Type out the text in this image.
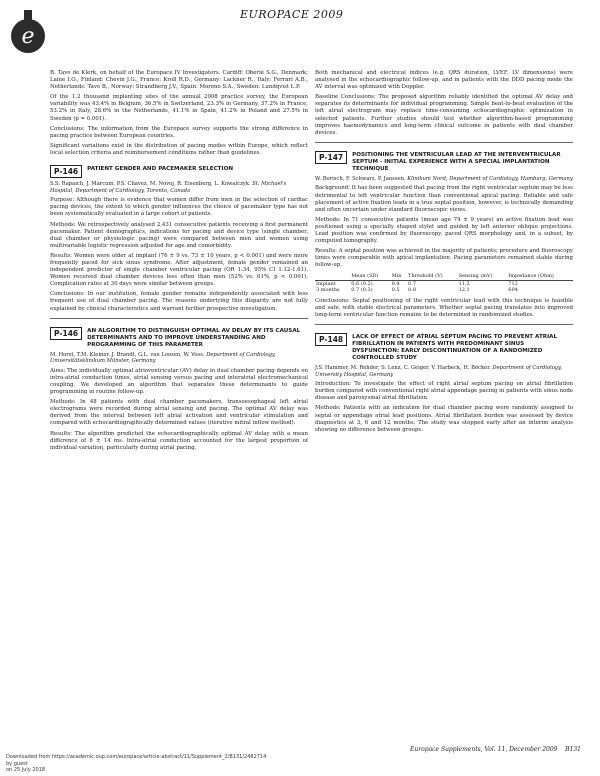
e
EUROPACE 2009

B. Tavo de Klerk, on behalf of the Europace IV Investigators. Cardiff: Oberlé S.G., Denmark: Laine I.O., Finland: Chevin J.G., France: Kroll R.D., Germany: Lackner R., Italy: Ferrari A.B., Netherlands: Tavo B., Norway: Strandberg J.V., Spain: Moreno S.A., Sweden: Lundqvist L.P.

Of the 1.2 thousand implanting sites of the annual 2008 practice survey, the European variability was 43.4% in Belgium, 36.5% in Switzerland, 23.3% in Germany, 37.2% in France, 53.2% in Italy, 28.6% in the Netherlands, 41.1% in Spain, 41.2% in Poland and 27.5% in Sweden (p = 0.001).

Conclusions: The information from the Europace survey supports the strong difference in pacing practice between European countries.

Significant variations exist in the distribution of pacing modes within Europe, which reflect local selection criteria and reimbursement conditions rather than guidelines.

P-146	PATIENT GENDER AND PACEMAKER SELECTION
S.S. Rapaich, J. Marcum, P.S. Chavez, M. Novoj, R. Eisenberg, L. Kowalczyk. St. Michael's Hospital, Department of Cardiology, Toronto, Canada

Purpose: Although there is evidence that women differ from men in the selection of cardiac pacing devices, the extent to which gender influences the choice of pacemaker type has not been systematically evaluated in a large cohort of patients.

Methods: We retrospectively analysed 2,431 consecutive patients receiving a first permanent pacemaker. Patient demographics, indications for pacing and device type (single chamber, dual chamber or physiologic pacing) were compared between men and women using multivariable logistic regression adjusted for age and comorbidity.

Results: Women were older at implant (76 ± 9 vs. 73 ± 10 years, p < 0.001) and were more frequently paced for sick sinus syndrome. After adjustment, female gender remained an independent predictor of single chamber ventricular pacing (OR 1.34, 95% CI 1.12-1.61). Women received dual chamber devices less often than men (52% vs. 61%, p < 0.001). Complication rates at 30 days were similar between groups.

Conclusions: In our institution, female gender remains independently associated with less frequent use of dual chamber pacing. The reasons underlying this disparity are not fully explained by clinical characteristics and warrant further prospective investigation.

P-146	AN ALGORITHM TO DISTINGUISH OPTIMAL AV DELAY BY ITS CAUSAL DETERMINANTS AND TO IMPROVE UNDERSTANDING AND PROGRAMMING OF THIS PARAMETER
M. Horst, T.M. Kleiner, J. Brandt, G.L. van Loosen, W. Voss. Department of Cardiology, Universitätsklinikum Münster, Germany

Aims: The individually optimal atrioventricular (AV) delay in dual chamber pacing depends on intra-atrial conduction times, atrial sensing versus pacing and interatrial electromechanical coupling. We developed an algorithm that separates these determinants to guide programming in routine follow-up.

Methods: In 48 patients with dual chamber pacemakers, transoesophageal left atrial electrograms were recorded during atrial sensing and pacing. The optimal AV delay was derived from the interval between left atrial activation and ventricular stimulation and compared with echocardiographically determined values (iterative mitral inflow method).

Results: The algorithm predicted the echocardiographically optimal AV delay with a mean difference of 8 ± 14 ms. Intra-atrial conduction accounted for the largest proportion of individual variation, particularly during atrial pacing.

Both mechanical and electrical indices (e.g. QRS duration, LVEF, LV dimensions) were analysed in the echocardiographic follow-up, and in patients with the DDD pacing mode the AV interval was optimized with Doppler.

Baseline Conclusions: The proposed algorithm reliably identified the optimal AV delay and separates its determinants for individual programming. Simple beat-to-beat evaluation of the left atrial electrogram may replace time-consuming echocardiographic optimization in selected patients. Further studies should test whether algorithm-based programming improves haemodynamics and long-term clinical outcome in patients with dual chamber devices.

P-147	POSITIONING THE VENTRICULAR LEAD AT THE INTERVENTRICULAR SEPTUM - INITIAL EXPERIENCE WITH A SPECIAL IMPLANTATION TECHNIQUE
W. Borisch, F. Schwarz, P. Janssen. Klinikum Nord, Department of Cardiology, Hamburg, Germany

Background: It has been suggested that pacing from the right ventricular septum may be less detrimental to left ventricular function than conventional apical pacing. Reliable and safe placement of active fixation leads in a true septal position, however, is technically demanding and often uncertain under standard fluoroscopic views.

Methods: In 71 consecutive patients (mean age 74 ± 9 years) an active fixation lead was positioned using a specially shaped stylet and guided by left anterior oblique projections. Lead position was confirmed by fluoroscopy, paced QRS morphology and, in a subset, by computed tomography.

Results: A septal position was achieved in the majority of patients; procedure and fluoroscopy times were comparable with apical implantation. Pacing parameters remained stable during follow-up.

	Mean (SD)	Min	Threshold (V)	Sensing (mV)	Impedance (Ohm)
Implant	0.6 (0.2)	0.4	0.7	11.2	712
3 months	0.7 (0.3)	0.5	0.8	12.1	604

Conclusions: Septal positioning of the right ventricular lead with this technique is feasible and safe, with stable electrical parameters. Whether septal pacing translates into improved long-term ventricular function remains to be determined in randomized studies.

P-148	LACK OF EFFECT OF ATRIAL SEPTUM PACING TO PREVENT ATRIAL FIBRILLATION IN PATIENTS WITH PREDOMINANT SINUS DYSFUNCTION: EARLY DISCONTINUATION OF A RANDOMIZED CONTROLLED STUDY
J.S. Hammer, M. Rehder, S. Lenz, C. Geiger, V. Harbeck, H. Böcker. Department of Cardiology, University Hospital, Germany

Introduction: To investigate the effect of right atrial septum pacing on atrial fibrillation burden compared with conventional right atrial appendage pacing in patients with sinus node disease and paroxysmal atrial fibrillation.

Methods: Patients with an indication for dual chamber pacing were randomly assigned to septal or appendage atrial lead positions. Atrial fibrillation burden was assessed by device diagnostics at 3, 6 and 12 months. The study was stopped early after an interim analysis showing no difference between groups.

Europace Supplements, Vol. 11, December 2009 B131
Downloaded from https://academic.oup.com/europace/article-abstract/11/Supplement_2/B131/2482714
by guest
on 25 July 2018
